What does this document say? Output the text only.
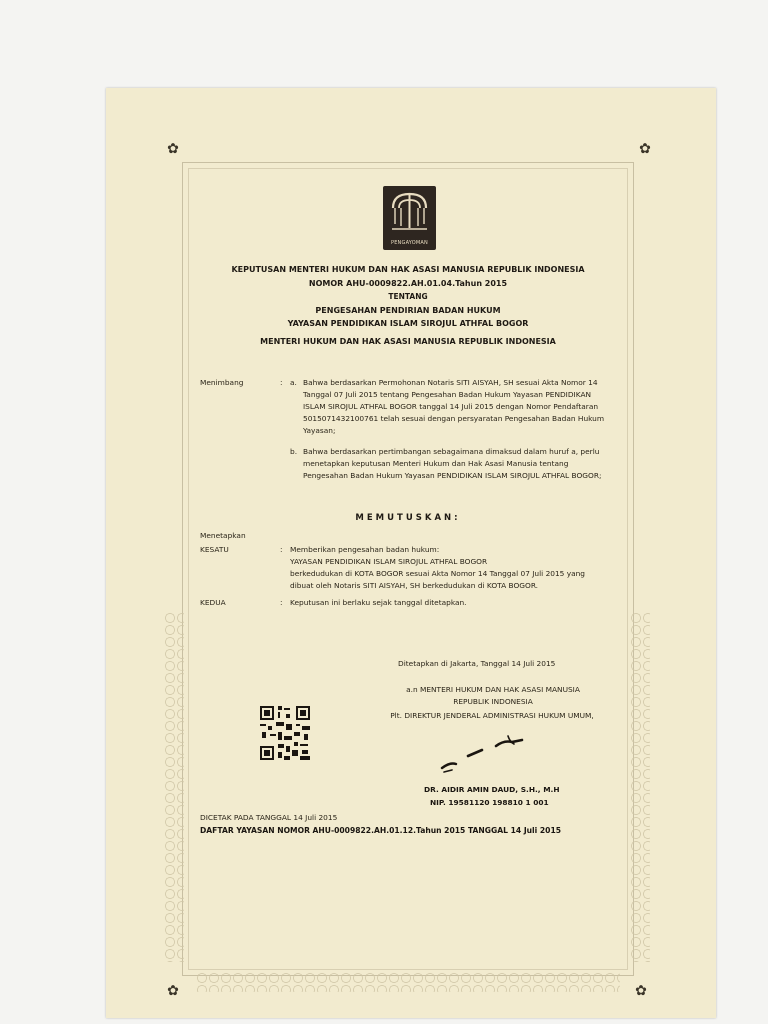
✿	✿
✿	✿
PENGAYOMAN
KEPUTUSAN MENTERI HUKUM DAN HAK ASASI MANUSIA REPUBLIK INDONESIA
NOMOR AHU-0009822.AH.01.04.Tahun 2015
TENTANG
PENGESAHAN PENDIRIAN BADAN HUKUM
YAYASAN PENDIDIKAN ISLAM SIROJUL ATHFAL BOGOR
MENTERI HUKUM DAN HAK ASASI MANUSIA REPUBLIK INDONESIA
Menimbang	: a. Bahwa berdasarkan Permohonan Notaris SITI AISYAH, SH sesuai Akta Nomor 14
Tanggal 07 Juli 2015 tentang Pengesahan Badan Hukum Yayasan PENDIDIKAN
ISLAM SIROJUL ATHFAL BOGOR tanggal 14 Juli 2015 dengan Nomor Pendaftaran
5015071432100761 telah sesuai dengan persyaratan Pengesahan Badan Hukum
Yayasan;
b. Bahwa berdasarkan pertimbangan sebagaimana dimaksud dalam huruf a, perlu
menetapkan keputusan Menteri Hukum dan Hak Asasi Manusia tentang
Pengesahan Badan Hukum Yayasan PENDIDIKAN ISLAM SIROJUL ATHFAL BOGOR;
MEMUTUSKAN:
Menetapkan
KESATU	: Memberikan pengesahan badan hukum:
YAYASAN PENDIDIKAN ISLAM SIROJUL ATHFAL BOGOR
berkedudukan di KOTA BOGOR sesuai Akta Nomor 14 Tanggal 07 Juli 2015 yang
dibuat oleh Notaris SITI AISYAH, SH berkedudukan di KOTA BOGOR.
KEDUA	: Keputusan ini berlaku sejak tanggal ditetapkan.
Ditetapkan di Jakarta, Tanggal 14 Juli 2015
a.n MENTERI HUKUM DAN HAK ASASI MANUSIA
REPUBLIK INDONESIA
Plt. DIREKTUR JENDERAL ADMINISTRASI HUKUM UMUM,
DR. AIDIR AMIN DAUD, S.H., M.H
NIP. 19581120 198810 1 001
DICETAK PADA TANGGAL 14 Juli 2015
DAFTAR YAYASAN NOMOR AHU-0009822.AH.01.12.Tahun 2015 TANGGAL 14 Juli 2015
